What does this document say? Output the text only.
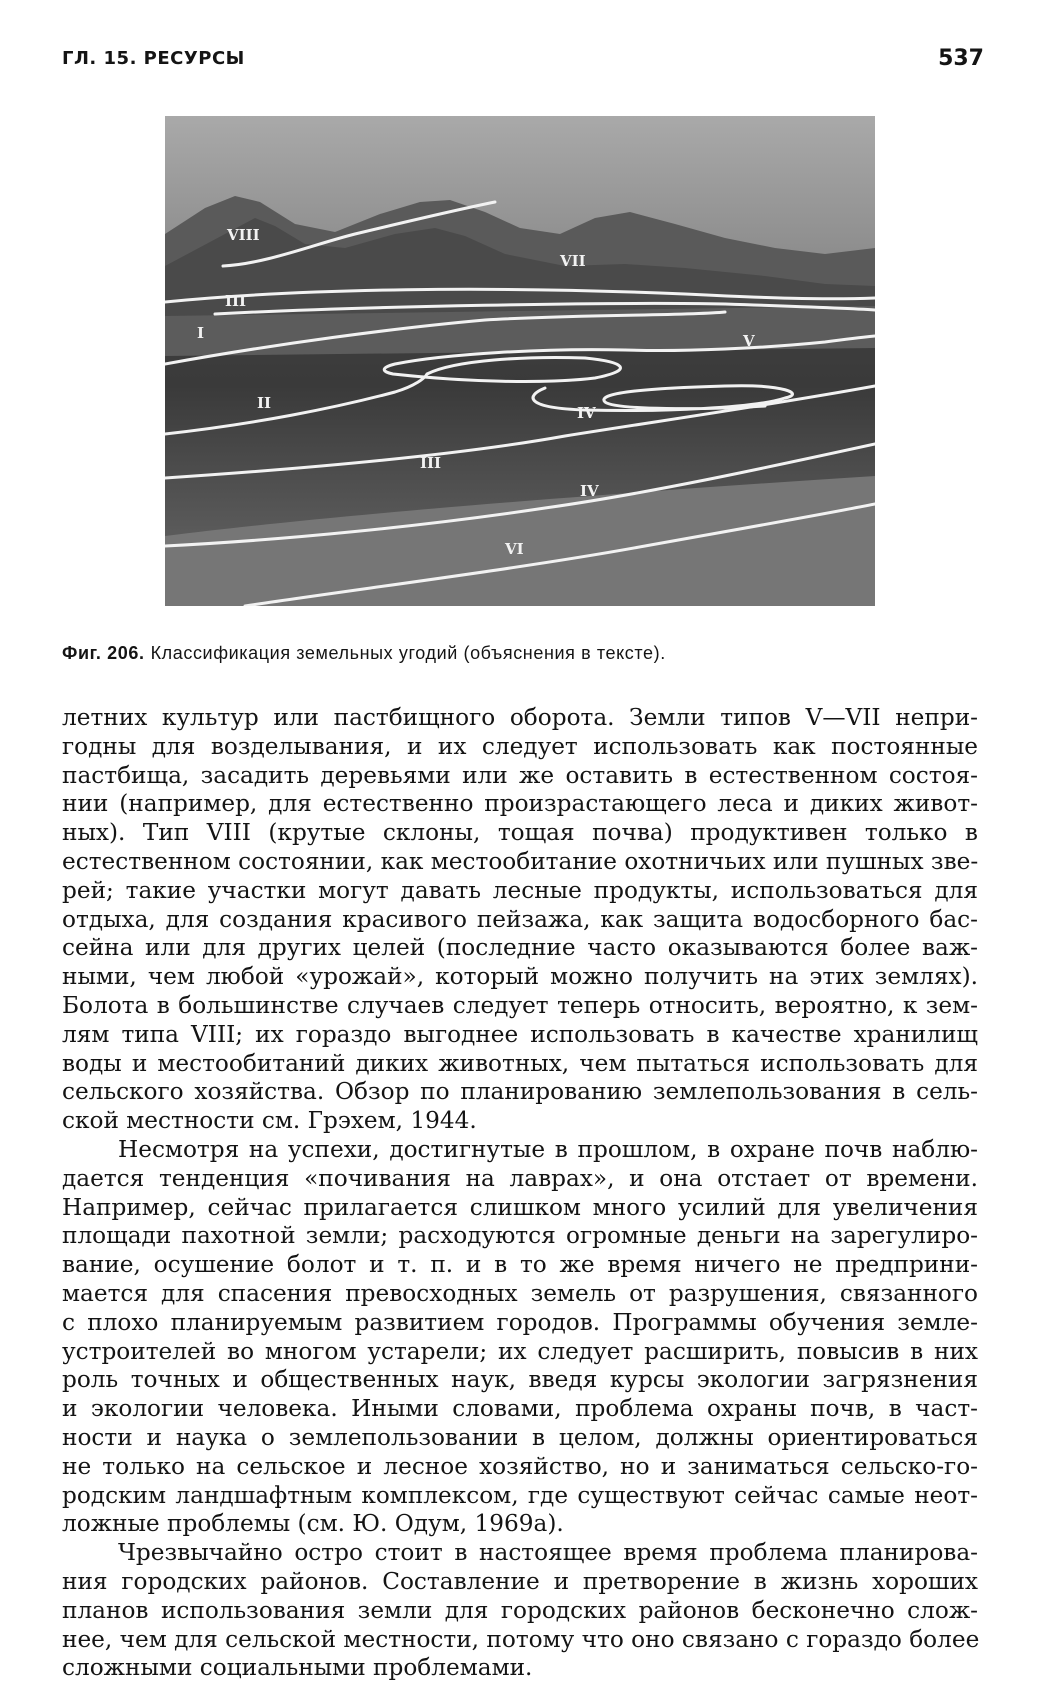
ГЛ. 15. РЕСУРСЫ	537
VIII
VII
III
I	V
II
IV
IV
III
VI
Фиг. 206. Классификация земельных угодий (объяснения в тексте).
летних культур или пастбищного оборота. Земли типов V—VII непри-
годны для возделывания, и их следует использовать как постоянные
пастбища, засадить деревьями или же оставить в естественном состоя-
нии (например, для естественно произрастающего леса и диких живот-
ных). Тип VIII (крутые склоны, тощая почва) продуктивен только в
естественном состоянии, как местообитание охотничьих или пушных зве-
рей; такие участки могут давать лесные продукты, использоваться для
отдыха, для создания красивого пейзажа, как защита водосборного бас-
сейна или для других целей (последние часто оказываются более важ-
ными, чем любой «урожай», который можно получить на этих землях).
Болота в большинстве случаев следует теперь относить, вероятно, к зем-
лям типа VIII; их гораздо выгоднее использовать в качестве хранилищ
воды и местообитаний диких животных, чем пытаться использовать для
сельского хозяйства. Обзор по планированию землепользования в сель-
ской местности см. Грэхем, 1944.
Несмотря на успехи, достигнутые в прошлом, в охране почв наблю-
дается тенденция «почивания на лаврах», и она отстает от времени.
Например, сейчас прилагается слишком много усилий для увеличения
площади пахотной земли; расходуются огромные деньги на зарегулиро-
вание, осушение болот и т. п. и в то же время ничего не предприни-
мается для спасения превосходных земель от разрушения, связанного
с плохо планируемым развитием городов. Программы обучения земле-
устроителей во многом устарели; их следует расширить, повысив в них
роль точных и общественных наук, введя курсы экологии загрязнения
и экологии человека. Иными словами, проблема охраны почв, в част-
ности и наука о землепользовании в целом, должны ориентироваться
не только на сельское и лесное хозяйство, но и заниматься сельско-го-
родским ландшафтным комплексом, где существуют сейчас самые неот-
ложные проблемы (см. Ю. Одум, 1969а).
Чрезвычайно остро стоит в настоящее время проблема планирова-
ния городских районов. Составление и претворение в жизнь хороших
планов использования земли для городских районов бесконечно слож-
нее, чем для сельской местности, потому что оно связано с гораздо более
сложными социальными проблемами.
